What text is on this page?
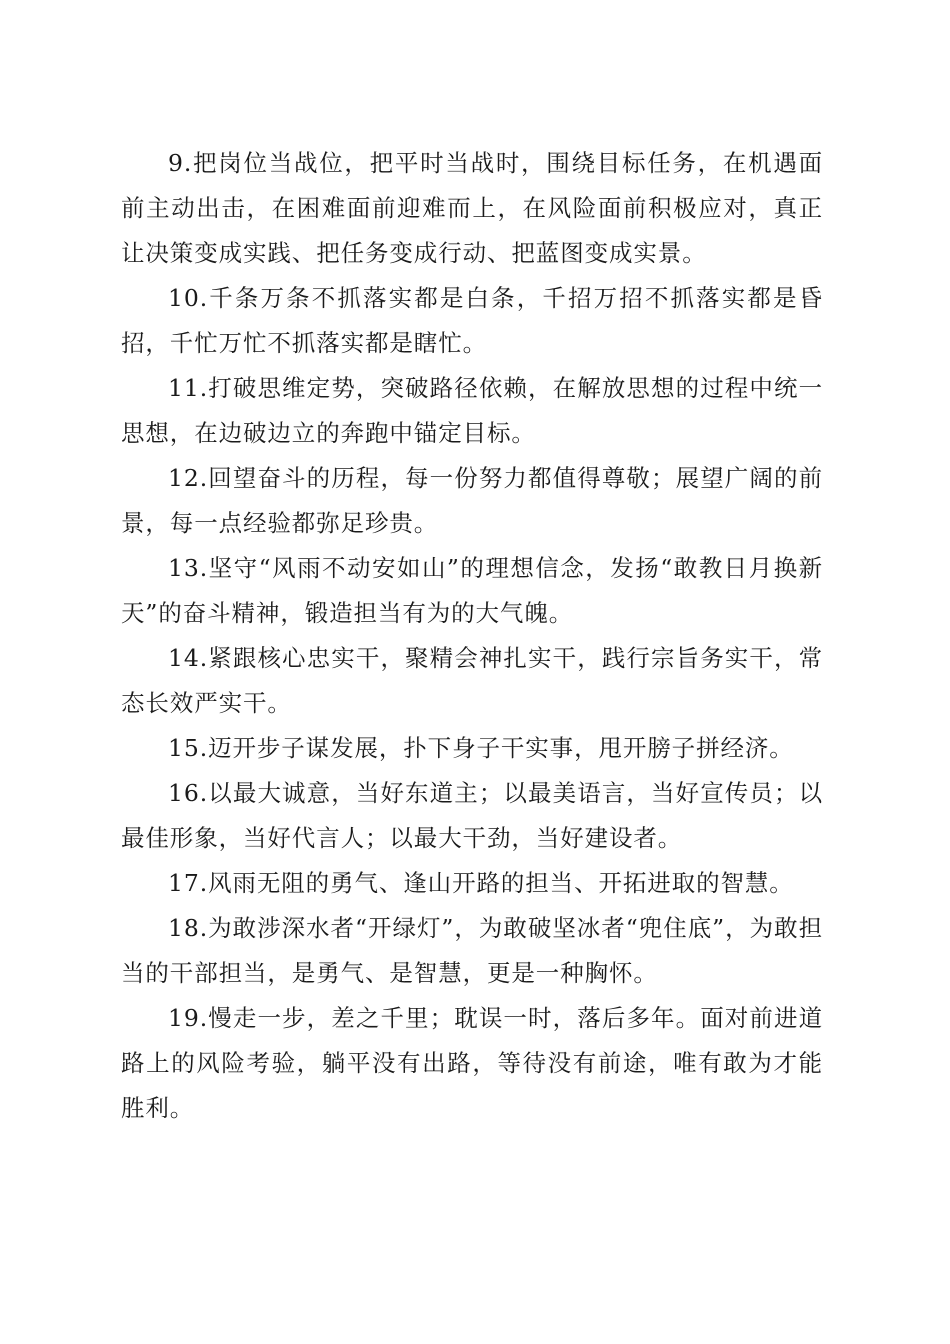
9.把岗位当战位，把平时当战时，围绕目标任务，在机遇面前主动出击，在困难面前迎难而上，在风险面前积极应对，真正让决策变成实践、把任务变成行动、把蓝图变成实景。

10.千条万条不抓落实都是白条，千招万招不抓落实都是昏招，千忙万忙不抓落实都是瞎忙。

11.打破思维定势，突破路径依赖，在解放思想的过程中统一思想，在边破边立的奔跑中锚定目标。

12.回望奋斗的历程，每一份努力都值得尊敬；展望广阔的前景，每一点经验都弥足珍贵。

13.坚守“风雨不动安如山”的理想信念，发扬“敢教日月换新天”的奋斗精神，锻造担当有为的大气魄。

14.紧跟核心忠实干，聚精会神扎实干，践行宗旨务实干，常态长效严实干。

15.迈开步子谋发展，扑下身子干实事，甩开膀子拼经济。

16.以最大诚意，当好东道主；以最美语言，当好宣传员；以最佳形象，当好代言人；以最大干劲，当好建设者。

17.风雨无阻的勇气、逢山开路的担当、开拓进取的智慧。

18.为敢涉深水者“开绿灯”，为敢破坚冰者“兜住底”，为敢担当的干部担当，是勇气、是智慧，更是一种胸怀。

19.慢走一步，差之千里；耽误一时，落后多年。面对前进道路上的风险考验，躺平没有出路，等待没有前途，唯有敢为才能胜利。
